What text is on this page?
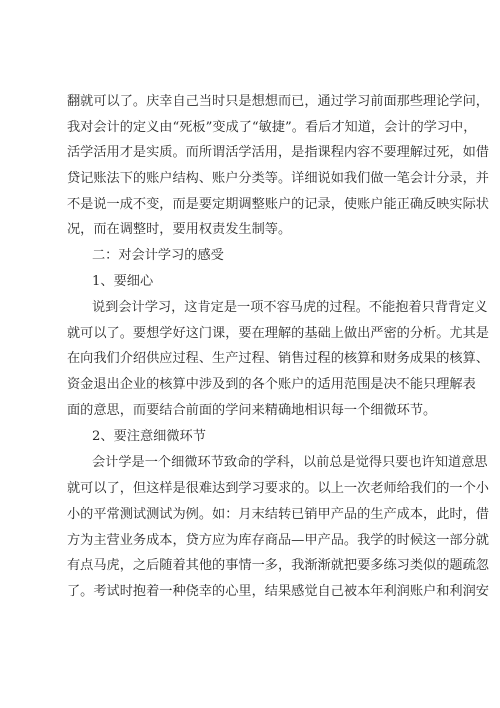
翻就可以了。庆幸自己当时只是想想而已，通过学习前面那些理论学问，
我对会计的定义由“死板”变成了“敏捷”。看后才知道，会计的学习中，
活学活用才是实质。而所谓活学活用，是指课程内容不要理解过死，如借
贷记账法下的账户结构、账户分类等。详细说如我们做一笔会计分录，并
不是说一成不变，而是要定期调整账户的记录，使账户能正确反映实际状
况，而在调整时，要用权责发生制等。
二：对会计学习的感受
1、要细心
说到会计学习，这肯定是一项不容马虎的过程。不能抱着只背背定义
就可以了。要想学好这门课，要在理解的基础上做出严密的分析。尤其是
在向我们介绍供应过程、生产过程、销售过程的核算和财务成果的核算、
资金退出企业的核算中涉及到的各个账户的适用范围是决不能只理解表
面的意思，而要结合前面的学问来精确地相识每一个细微环节。
2、要注意细微环节
会计学是一个细微环节致命的学科，以前总是觉得只要也许知道意思
就可以了，但这样是很难达到学习要求的。以上一次老师给我们的一个小
小的平常测试测试为例。如：月末结转已销甲产品的生产成本，此时，借
方为主营业务成本，贷方应为库存商品—甲产品。我学的时候这一部分就
有点马虎，之后随着其他的事情一多，我渐渐就把要多练习类似的题疏忽
了。考试时抱着一种侥幸的心里，结果感觉自己被本年利润账户和利润安
